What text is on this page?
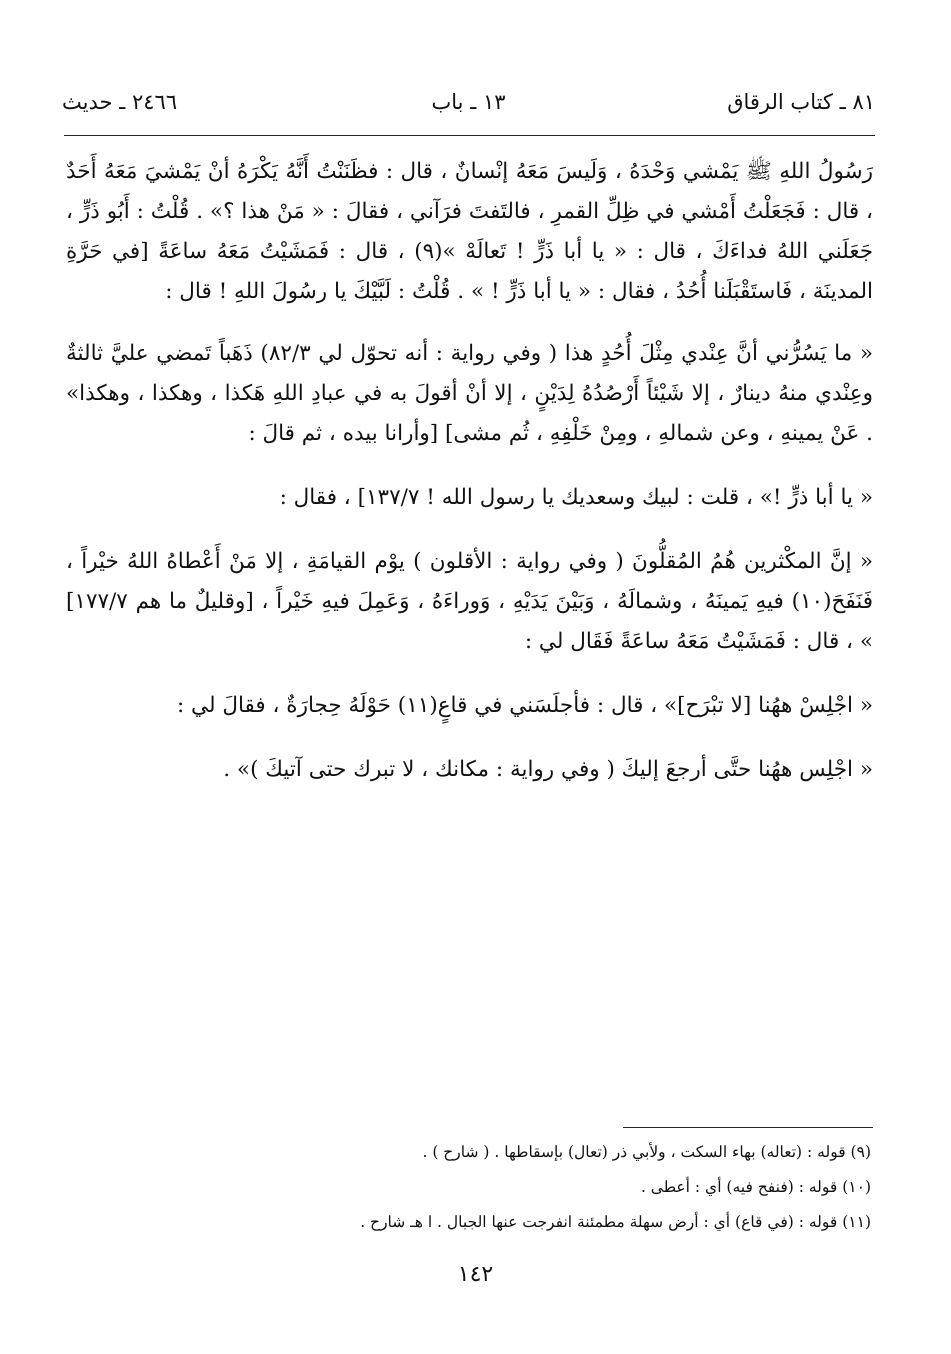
٨١ ـ كتاب الرقاق
١٣ ـ باب
٢٤٦٦ ـ حديث

رَسُولُ اللهِ ﷺ يَمْشي وَحْدَهُ ، وَلَيسَ مَعَهُ إنْسانٌ ، قال : فظَنَنْتُ أَنَّهُ يَكْرَهُ أنْ يَمْشيَ مَعَهُ أَحَدٌ ، قال : فَجَعَلْتُ أَمْشي في ظِلِّ القمرِ ، فالتَفتَ فرَآني ، فقالَ : « مَنْ هذا ؟» . قُلْتُ : أَبُو ذَرٍّ ، جَعَلَني اللهُ فداءَكَ ، قال : « يا أبا ذَرٍّ ! تَعالَهْ »(٩) ، قال : فَمَشَيْتُ مَعَهُ ساعَةً [في حَرَّةِ المدينَة ، فَاستَقْبَلَنا أُحُدُ ، فقال : « يا أبا ذَرٍّ ! » . قُلْتُ : لَبَّيْكَ يا رسُولَ اللهِ ! قال :

« ما يَسُرُّني أنَّ عِنْدي مِثْلَ أُحُدٍ هذا ( وفي رواية : أنه تحوّل لي ٨٢/٣) ذَهَباً تَمضي عليَّ ثالثةٌ وعِنْدي منهُ دينارٌ ، إلا شَيْئاً أَرْصُدُهُ لِدَيْنٍ ، إلا أنْ أقولَ به في عبادِ اللهِ هَكذا ، وهكذا ، وهكذا» . عَنْ يمينهِ ، وعن شمالهِ ، ومِنْ خَلْفِهِ ، ثُم مشى] [وأرانا بيده ، ثم قالَ :

« يا أبا ذرٍّ !» ، قلت : لبيك وسعديك يا رسول الله ! ١٣٧/٧] ، فقال :

« إنَّ المكْثرين هُمُ المُقلُّونَ ( وفي رواية : الأقلون ) يوْم القيامَةِ ، إلا مَنْ أَعْطاهُ اللهُ خيْراً ، فَنَفَحَ(١٠) فيهِ يَمينَهُ ، وشمالَهُ ، وَبَيْنَ يَدَيْهِ ، وَوراءَهُ ، وَعَمِلَ فيهِ خَيْراً ، [وقليلٌ ما هم ١٧٧/٧] » ، قال : فَمَشَيْتُ مَعَهُ ساعَةً فَقَال لي :

« اجْلِسْ ههُنا [لا تبْرَح]» ، قال : فأجلَسَني في قاعٍ(١١) حَوْلَهُ حِجارَةٌ ، فقالَ لي :

« اجْلِس ههُنا حتَّى أرجعَ إليكَ ( وفي رواية : مكانك ، لا تبرك حتى آتيكَ )» .

(٩) قوله : (تعاله) بهاء السكت ، ولأبي ذر (تعال) بإسقاطها . ( شارح ) .
(١٠) قوله : (فنفح فيه) أي : أعطى .
(١١) قوله : (في قاع) أي : أرض سهلة مطمئنة انفرجت عنها الجبال . ا هـ شارح .
١٤٢
